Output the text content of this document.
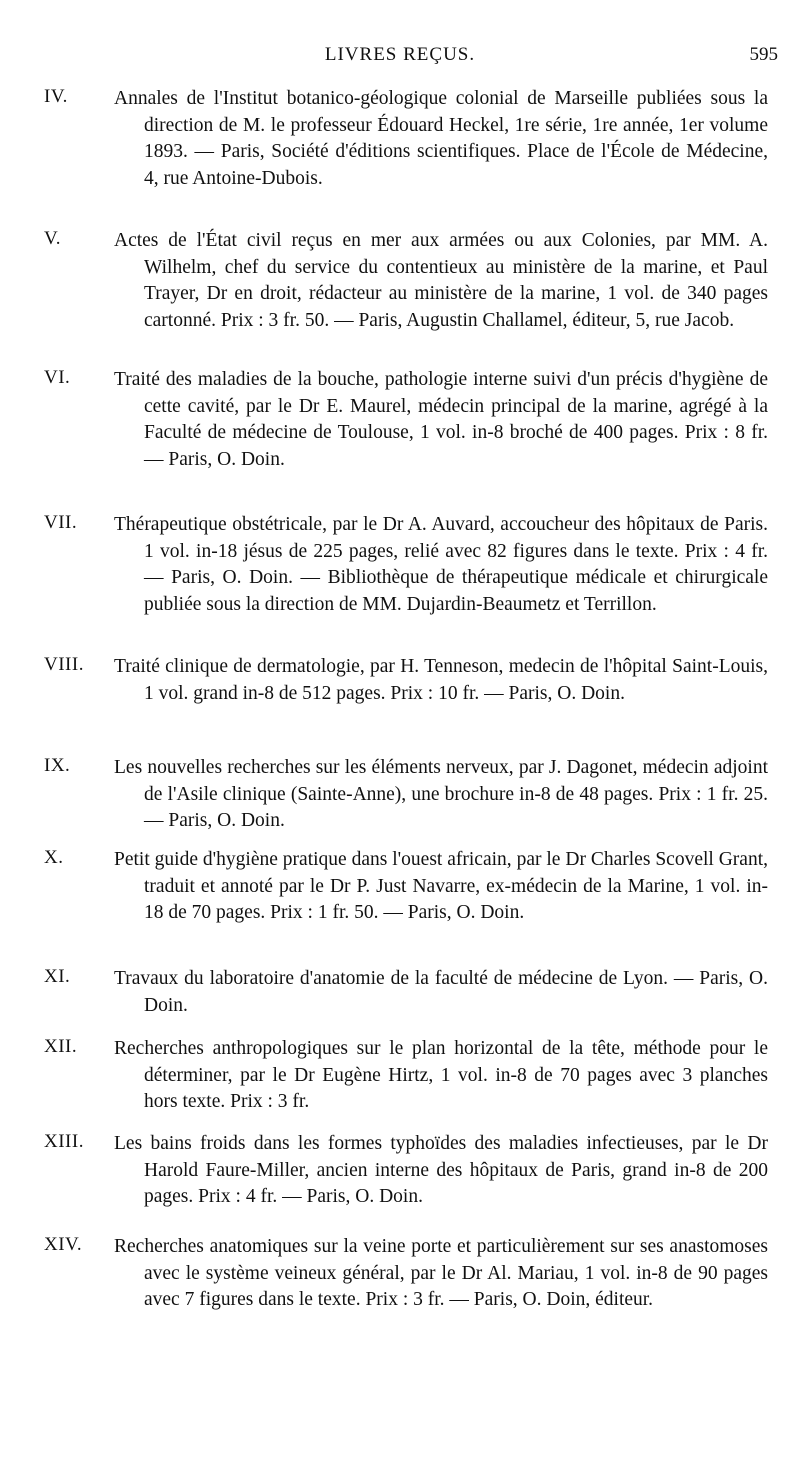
LIVRES REÇUS.	595
IV. Annales de l'Institut botanico-géologique colonial de Marseille publiées sous la direction de M. le professeur Édouard Heckel, 1re série, 1re année, 1er volume 1893. — Paris, Société d'éditions scientifiques. Place de l'École de Médecine, 4, rue Antoine-Dubois.

V.	Actes de l'État civil reçus en mer aux armées ou aux Colonies, par MM. A. Wilhelm, chef du service du contentieux au ministère de la marine, et Paul Trayer, Dr en droit, rédacteur au ministère de la marine, 1 vol. de 340 pages cartonné. Prix : 3 fr. 50. — Paris, Augustin Challamel, éditeur, 5, rue Jacob.

VI. Traité des maladies de la bouche, pathologie interne suivi d'un précis d'hygiène de cette cavité, par le Dr E. Maurel, médecin principal de la marine, agrégé à la Faculté de médecine de Toulouse, 1 vol. in-8 broché de 400 pages. Prix : 8 fr. — Paris, O. Doin.

VII. Thérapeutique obstétricale, par le Dr A. Auvard, accoucheur des hôpitaux de Paris. 1 vol. in-18 jésus de 225 pages, relié avec 82 figures dans le texte. Prix : 4 fr. — Paris, O. Doin. — Bibliothèque de thérapeutique médicale et chirurgicale publiée sous la direction de MM. Dujardin-Beaumetz et Terrillon.

VIII. Traité clinique de dermatologie, par H. Tenneson, medecin de l'hôpital Saint-Louis, 1 vol. grand in-8 de 512 pages. Prix : 10 fr. — Paris, O. Doin.

IX. Les nouvelles recherches sur les éléments nerveux, par J. Dagonet, médecin adjoint de l'Asile clinique (Sainte-Anne), une brochure in-8 de 48 pages. Prix : 1 fr. 25. — Paris, O. Doin.

X.	Petit guide d'hygiène pratique dans l'ouest africain, par le Dr Charles Scovell Grant, traduit et annoté par le Dr P. Just Navarre, ex-médecin de la Marine, 1 vol. in-18 de 70 pages. Prix : 1 fr. 50. — Paris, O. Doin.

XI. Travaux du laboratoire d'anatomie de la faculté de médecine de Lyon. — Paris, O. Doin.

XII. Recherches anthropologiques sur le plan horizontal de la tête, méthode pour le déterminer, par le Dr Eugène Hirtz, 1 vol. in-8 de 70 pages avec 3 planches hors texte. Prix : 3 fr.

XIII. Les bains froids dans les formes typhoïdes des maladies infectieuses, par le Dr Harold Faure-Miller, ancien interne des hôpitaux de Paris, grand in-8 de 200 pages. Prix : 4 fr. — Paris, O. Doin.

XIV. Recherches anatomiques sur la veine porte et particulièrement sur ses anastomoses avec le système veineux général, par le Dr Al. Mariau, 1 vol. in-8 de 90 pages avec 7 figures dans le texte. Prix : 3 fr. — Paris, O. Doin, éditeur.
